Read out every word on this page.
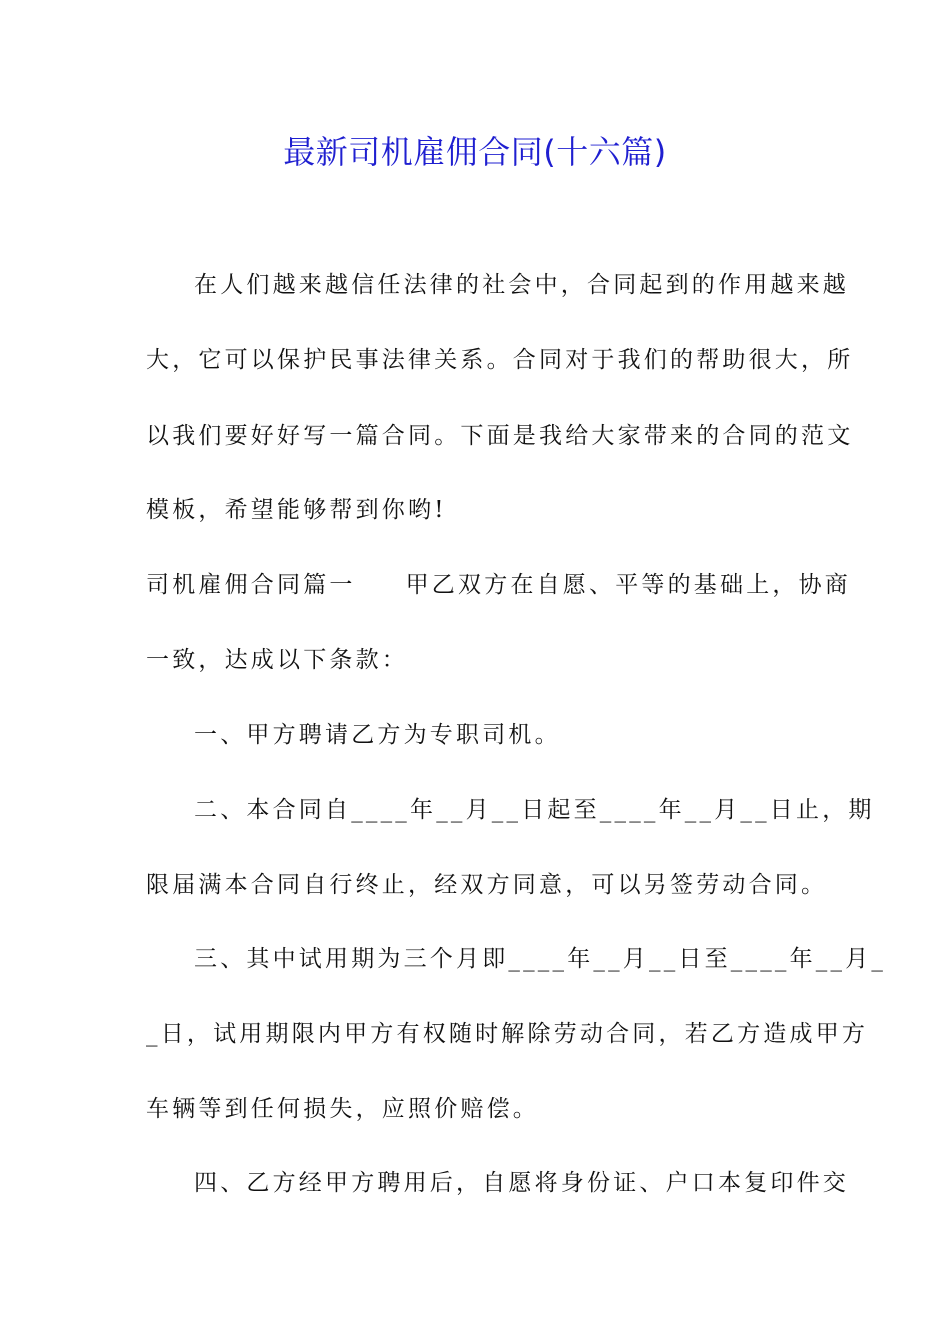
最新司机雇佣合同(十六篇)
在人们越来越信任法律的社会中，合同起到的作用越来越
大，它可以保护民事法律关系。合同对于我们的帮助很大，所
以我们要好好写一篇合同。下面是我给大家带来的合同的范文
模板，希望能够帮到你哟!
司机雇佣合同篇一 甲乙双方在自愿、平等的基础上，协商
一致，达成以下条款：
一、甲方聘请乙方为专职司机。
二、本合同自____年__月__日起至____年__月__日止，期
限届满本合同自行终止，经双方同意，可以另签劳动合同。
三、其中试用期为三个月即____年__月__日至____年__月_
_日，试用期限内甲方有权随时解除劳动合同，若乙方造成甲方
车辆等到任何损失，应照价赔偿。
四、乙方经甲方聘用后，自愿将身份证、户口本复印件交
